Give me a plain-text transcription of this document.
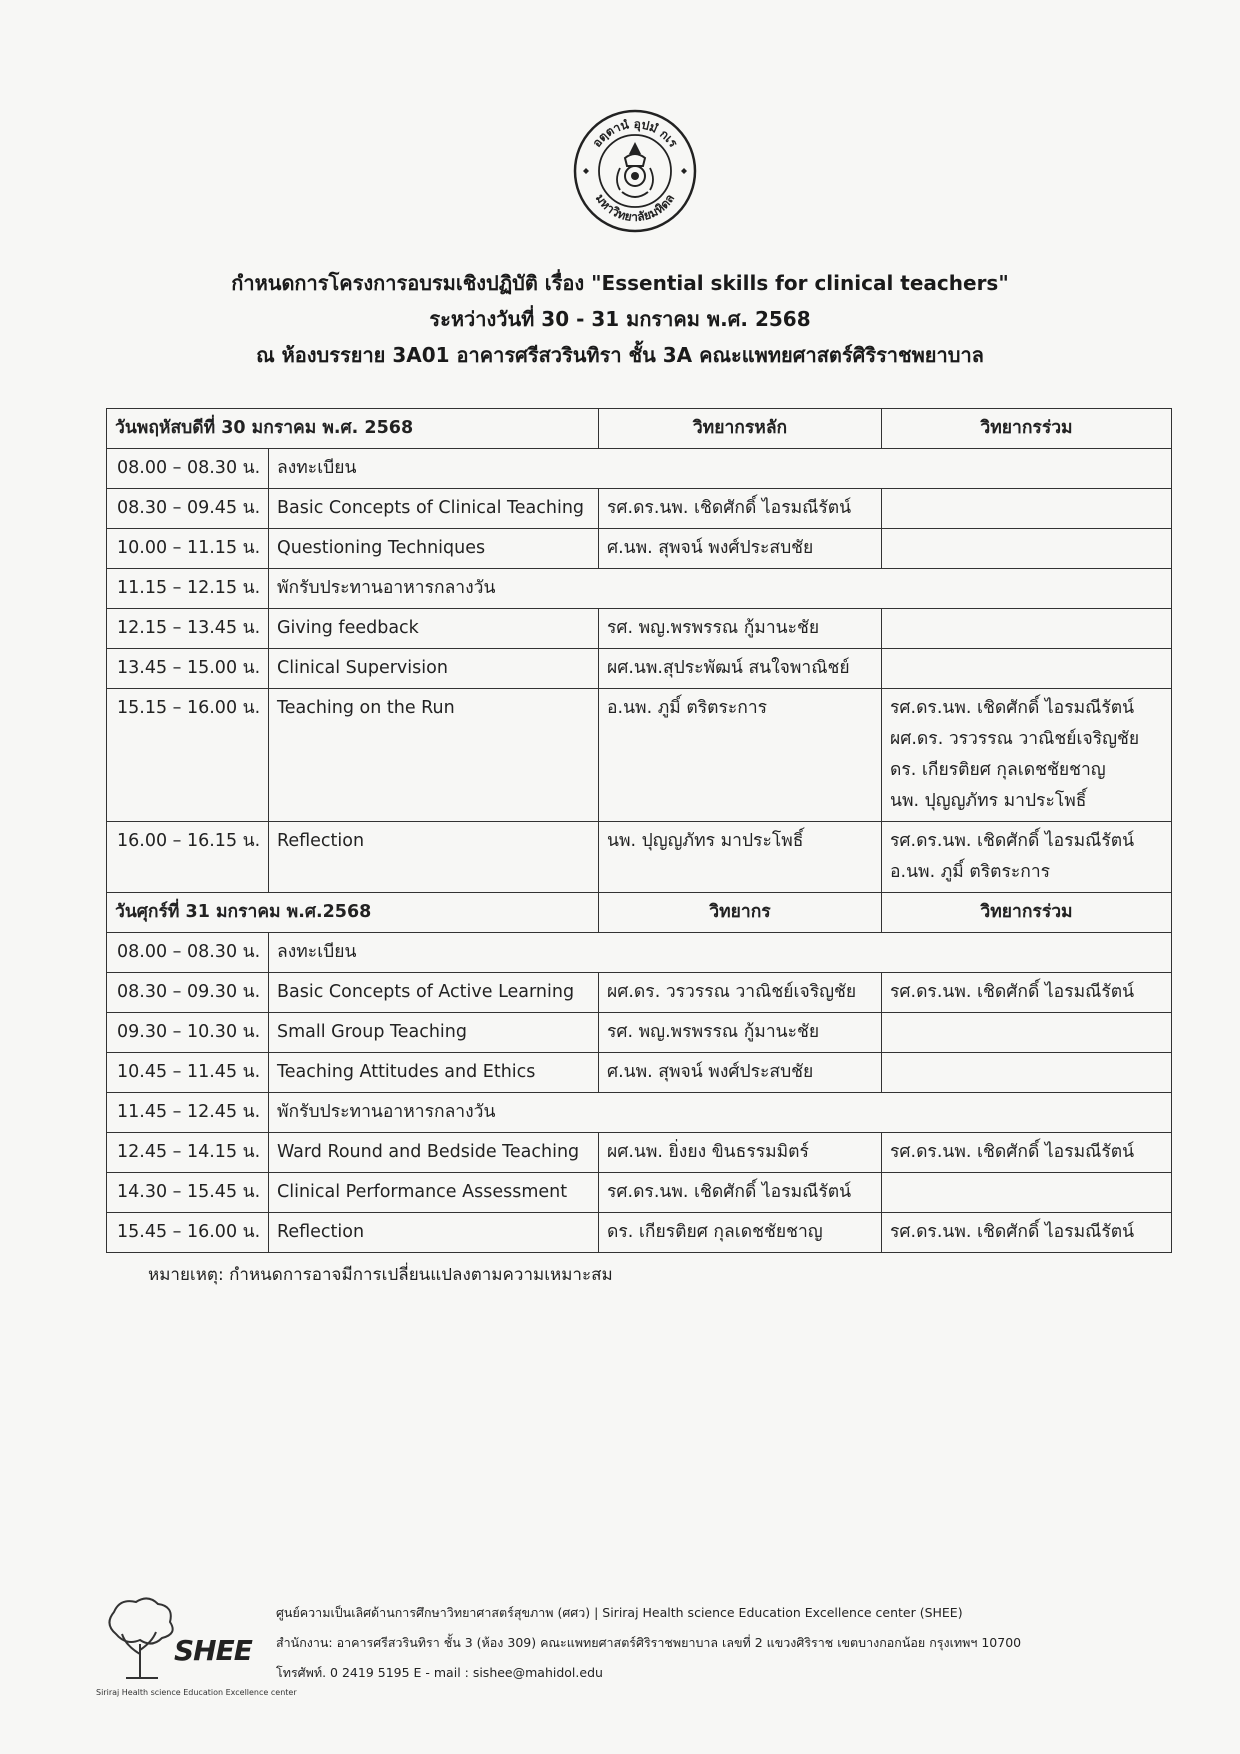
อตฺตานํ อุปมํ กเร
มหาวิทยาลัยมหิดล
กำหนดการโครงการอบรมเชิงปฏิบัติ เรื่อง "Essential skills for clinical teachers"
ระหว่างวันที่ 30 - 31 มกราคม พ.ศ. 2568
ณ ห้องบรรยาย 3A01 อาคารศรีสวรินทิรา ชั้น 3A คณะแพทยศาสตร์ศิริราชพยาบาล
วันพฤหัสบดีที่ 30 มกราคม พ.ศ. 2568		วิทยากรหลัก	วิทยากรร่วม
08.00 – 08.30 น.	ลงทะเบียน		
08.30 – 09.45 น.	Basic Concepts of Clinical Teaching	รศ.ดร.นพ. เชิดศักดิ์ ไอรมณีรัตน์	
10.00 – 11.15 น.	Questioning Techniques	ศ.นพ. สุพจน์ พงศ์ประสบชัย	
11.15 – 12.15 น.	พักรับประทานอาหารกลางวัน		
12.15 – 13.45 น.	Giving feedback	รศ. พญ.พรพรรณ กู้มานะชัย	
13.45 – 15.00 น.	Clinical Supervision	ผศ.นพ.สุประพัฒน์ สนใจพาณิชย์	
15.15 – 16.00 น.	Teaching on the Run	อ.นพ. ภูมิ์ ตริตระการ	รศ.ดร.นพ. เชิดศักดิ์ ไอรมณีรัตน์
ผศ.ดร. วรวรรณ วาณิชย์เจริญชัย
ดร. เกียรติยศ กุลเดชชัยชาญ
นพ. ปุญญภัทร มาประโพธิ์
16.00 – 16.15 น.	Reflection	นพ. ปุญญภัทร มาประโพธิ์	รศ.ดร.นพ. เชิดศักดิ์ ไอรมณีรัตน์
อ.นพ. ภูมิ์ ตริตระการ
วันศุกร์ที่ 31 มกราคม พ.ศ.2568		วิทยากร	วิทยากรร่วม
08.00 – 08.30 น.	ลงทะเบียน		
08.30 – 09.30 น.	Basic Concepts of Active Learning	ผศ.ดร. วรวรรณ วาณิชย์เจริญชัย	รศ.ดร.นพ. เชิดศักดิ์ ไอรมณีรัตน์
09.30 – 10.30 น.	Small Group Teaching	รศ. พญ.พรพรรณ กู้มานะชัย	
10.45 – 11.45 น.	Teaching Attitudes and Ethics	ศ.นพ. สุพจน์ พงศ์ประสบชัย	
11.45 – 12.45 น.	พักรับประทานอาหารกลางวัน		
12.45 – 14.15 น.	Ward Round and Bedside Teaching	ผศ.นพ. ยิ่งยง ขินธรรมมิตร์	รศ.ดร.นพ. เชิดศักดิ์ ไอรมณีรัตน์
14.30 – 15.45 น.	Clinical Performance Assessment	รศ.ดร.นพ. เชิดศักดิ์ ไอรมณีรัตน์	
15.45 – 16.00 น.	Reflection	ดร. เกียรติยศ กุลเดชชัยชาญ	รศ.ดร.นพ. เชิดศักดิ์ ไอรมณีรัตน์
หมายเหตุ: กำหนดการอาจมีการเปลี่ยนแปลงตามความเหมาะสม
SHEE
Siriraj Health science Education Excellence center
ศูนย์ความเป็นเลิศด้านการศึกษาวิทยาศาสตร์สุขภาพ (ศศว) | Siriraj Health science Education Excellence center (SHEE)
สำนักงาน: อาคารศรีสวรินทิรา ชั้น 3 (ห้อง 309) คณะแพทยศาสตร์ศิริราชพยาบาล เลขที่ 2 แขวงศิริราช เขตบางกอกน้อย กรุงเทพฯ 10700
โทรศัพท์. 0 2419 5195 E - mail : sishee@mahidol.edu
